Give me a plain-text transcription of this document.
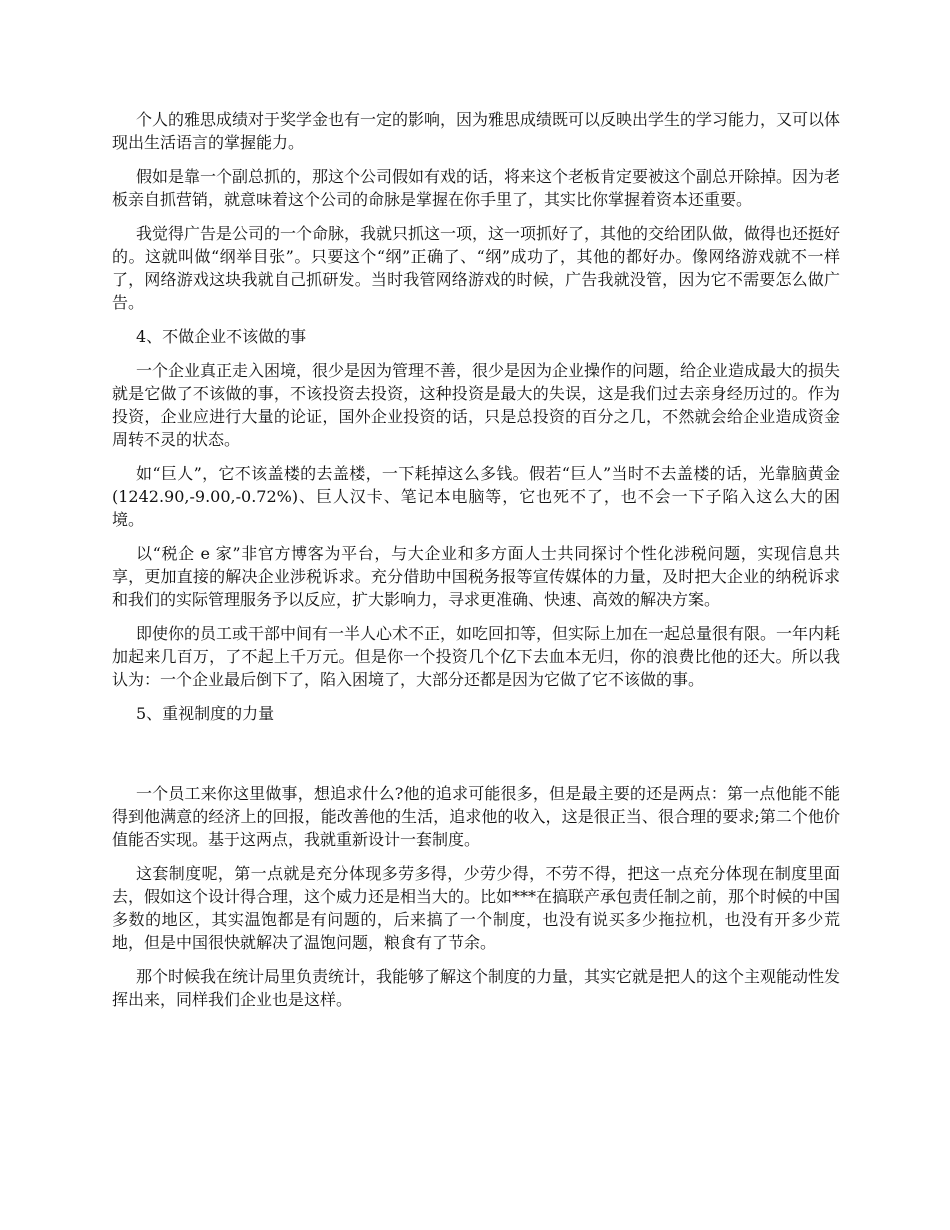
个人的雅思成绩对于奖学金也有一定的影响，因为雅思成绩既可以反映出学生的学习能力，又可以体现出生活语言的掌握能力。

假如是靠一个副总抓的，那这个公司假如有戏的话，将来这个老板肯定要被这个副总开除掉。因为老板亲自抓营销，就意味着这个公司的命脉是掌握在你手里了，其实比你掌握着资本还重要。

我觉得广告是公司的一个命脉，我就只抓这一项，这一项抓好了，其他的交给团队做，做得也还挺好的。这就叫做“纲举目张”。只要这个“纲”正确了、“纲”成功了，其他的都好办。像网络游戏就不一样了，网络游戏这块我就自己抓研发。当时我管网络游戏的时候，广告我就没管，因为它不需要怎么做广告。

4、不做企业不该做的事

一个企业真正走入困境，很少是因为管理不善，很少是因为企业操作的问题，给企业造成最大的损失就是它做了不该做的事，不该投资去投资，这种投资是最大的失误，这是我们过去亲身经历过的。作为投资，企业应进行大量的论证，国外企业投资的话，只是总投资的百分之几，不然就会给企业造成资金周转不灵的状态。

如“巨人”，它不该盖楼的去盖楼，一下耗掉这么多钱。假若“巨人”当时不去盖楼的话，光靠脑黄金(1242.90,-9.00,-0.72%)、巨人汉卡、笔记本电脑等，它也死不了，也不会一下子陷入这么大的困境。

以“税企 e 家”非官方博客为平台，与大企业和多方面人士共同探讨个性化涉税问题，实现信息共享，更加直接的解决企业涉税诉求。充分借助中国税务报等宣传媒体的力量，及时把大企业的纳税诉求和我们的实际管理服务予以反应，扩大影响力，寻求更准确、快速、高效的解决方案。

即使你的员工或干部中间有一半人心术不正，如吃回扣等，但实际上加在一起总量很有限。一年内耗加起来几百万，了不起上千万元。但是你一个投资几个亿下去血本无归，你的浪费比他的还大。所以我认为：一个企业最后倒下了，陷入困境了，大部分还都是因为它做了它不该做的事。

5、重视制度的力量

一个员工来你这里做事，想追求什么?他的追求可能很多，但是最主要的还是两点：第一点他能不能得到他满意的经济上的回报，能改善他的生活，追求他的收入，这是很正当、很合理的要求;第二个他价值能否实现。基于这两点，我就重新设计一套制度。

这套制度呢，第一点就是充分体现多劳多得，少劳少得，不劳不得，把这一点充分体现在制度里面去，假如这个设计得合理，这个威力还是相当大的。比如***在搞联产承包责任制之前，那个时候的中国多数的地区，其实温饱都是有问题的，后来搞了一个制度，也没有说买多少拖拉机，也没有开多少荒地，但是中国很快就解决了温饱问题，粮食有了节余。

那个时候我在统计局里负责统计，我能够了解这个制度的力量，其实它就是把人的这个主观能动性发挥出来，同样我们企业也是这样。
